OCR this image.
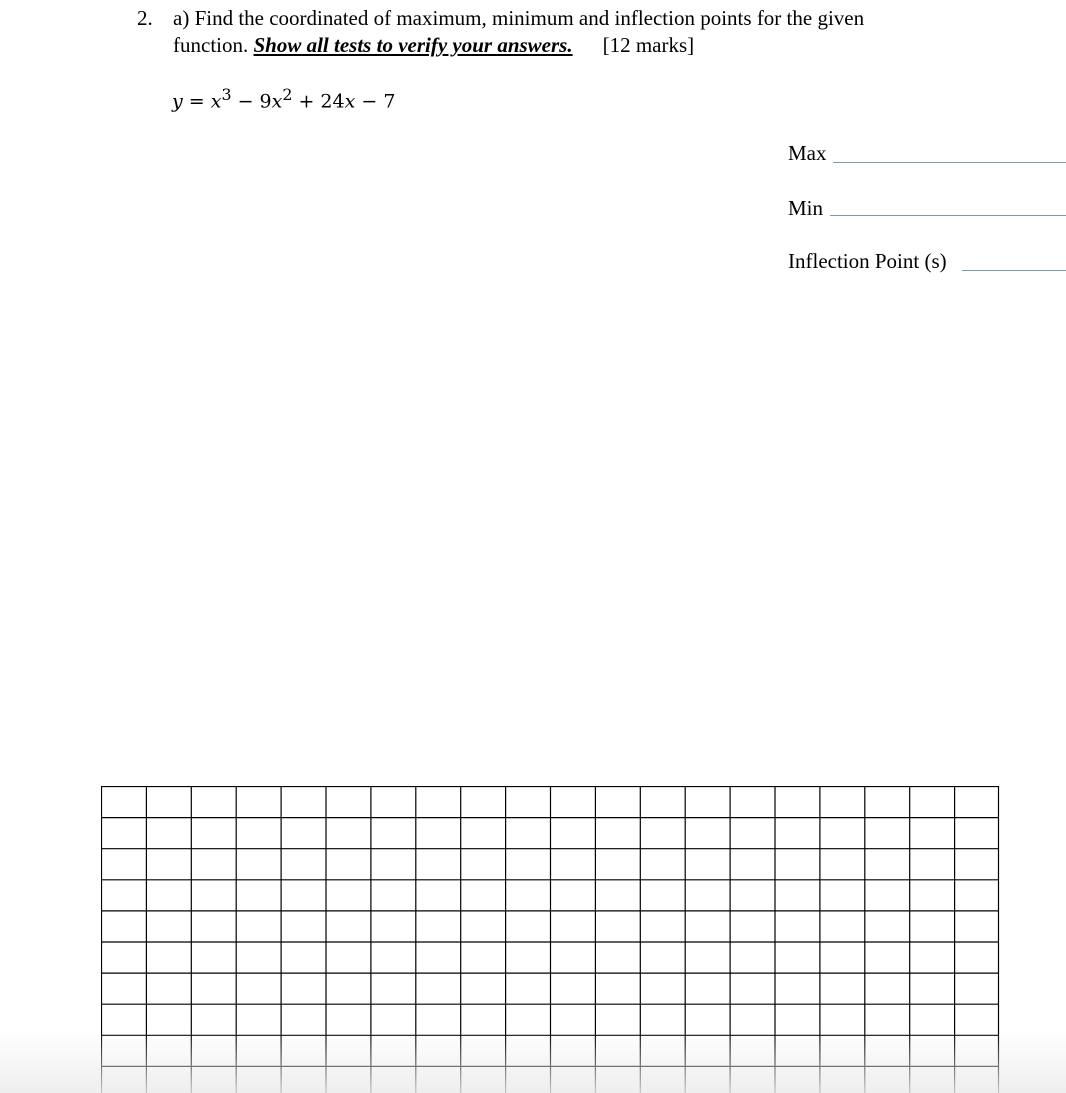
2. a) Find the coordinated of maximum, minimum and inflection points for the given
function. Show all tests to verify your answers. [12 marks]
$y = x^3 - 9x^2 + 24x - 7$
Max
Min
Inflection Point (s)
